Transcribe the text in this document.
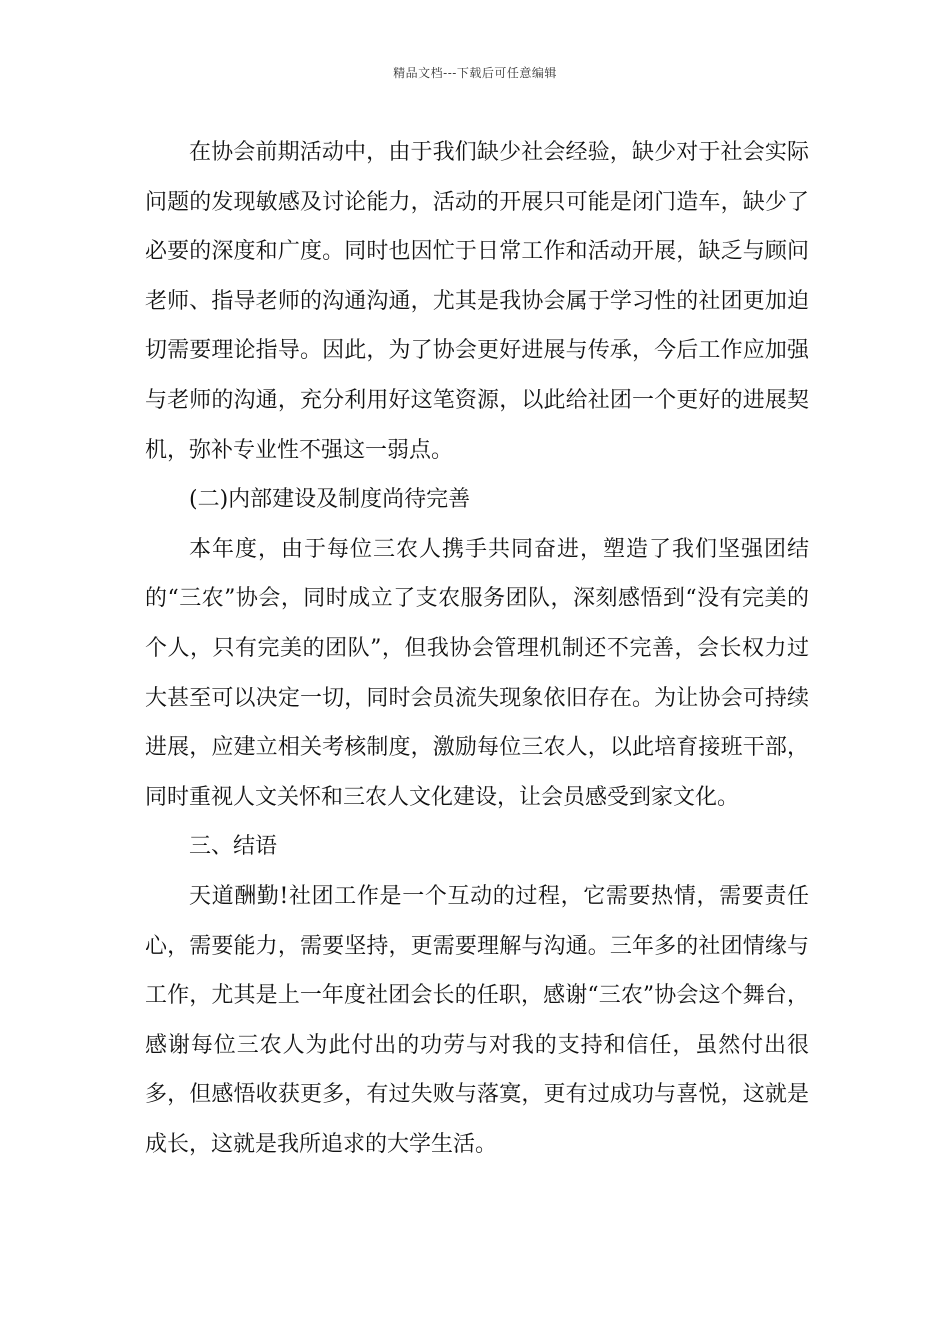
精品文档---下载后可任意编辑

在协会前期活动中，由于我们缺少社会经验，缺少对于社会实际问题的发现敏感及讨论能力，活动的开展只可能是闭门造车，缺少了必要的深度和广度。同时也因忙于日常工作和活动开展，缺乏与顾问老师、指导老师的沟通沟通，尤其是我协会属于学习性的社团更加迫切需要理论指导。因此，为了协会更好进展与传承，今后工作应加强与老师的沟通，充分利用好这笔资源，以此给社团一个更好的进展契机，弥补专业性不强这一弱点。

(二)内部建设及制度尚待完善

本年度，由于每位三农人携手共同奋进，塑造了我们坚强团结的“三农”协会，同时成立了支农服务团队，深刻感悟到“没有完美的个人，只有完美的团队”，但我协会管理机制还不完善，会长权力过大甚至可以决定一切，同时会员流失现象依旧存在。为让协会可持续进展，应建立相关考核制度，激励每位三农人，以此培育接班干部，同时重视人文关怀和三农人文化建设，让会员感受到家文化。

三、结语

天道酬勤!社团工作是一个互动的过程，它需要热情，需要责任心，需要能力，需要坚持，更需要理解与沟通。三年多的社团情缘与工作，尤其是上一年度社团会长的任职，感谢“三农”协会这个舞台，感谢每位三农人为此付出的功劳与对我的支持和信任，虽然付出很多，但感悟收获更多，有过失败与落寞，更有过成功与喜悦，这就是成长，这就是我所追求的大学生活。
